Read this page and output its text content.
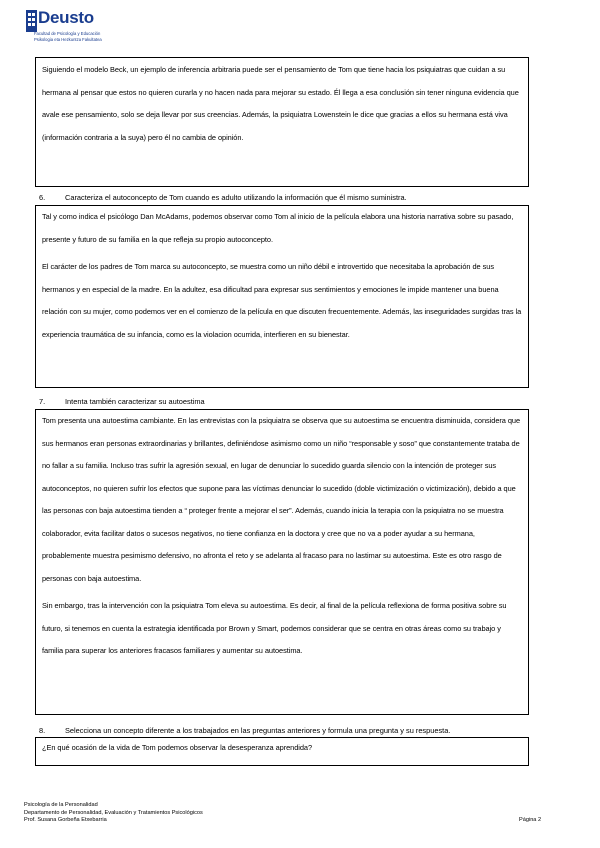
Deusto
Facultad de Psicología y Educación
Psikologia eta Hezkuntza Fakultatea

Siguiendo el modelo Beck, un ejemplo de inferencia arbitraria puede ser el pensamiento de Tom que tiene hacia los psiquiatras que cuidan a su hermana al pensar que estos no quieren curarla y no hacen nada para mejorar su estado. Él llega a esa conclusión sin tener ninguna evidencia que avale ese pensamiento, solo se deja llevar por sus creencias. Además, la psiquiatra Lowenstein le dice que gracias a ellos su hermana está viva (información contraria a la suya) pero él no cambia de opinión.

6.	Caracteriza el autoconcepto de Tom cuando es adulto utilizando la información que él mismo suministra.

Tal y como indica el psicólogo Dan McAdams, podemos observar como Tom al inicio de la película elabora una historia narrativa sobre su pasado, presente y futuro de su familia en la que refleja su propio autoconcepto.

El carácter de los padres de Tom marca su autoconcepto, se muestra como un niño débil e introvertido que necesitaba la aprobación de sus hermanos y en especial de la madre. En la adultez, esa dificultad para expresar sus sentimientos y emociones le impide mantener una buena relación con su mujer, como podemos ver en el comienzo de la película en que discuten frecuentemente. Además, las inseguridades surgidas tras la experiencia traumática de su infancia, como es la violacion ocurrida, interfieren en su bienestar.

7.	Intenta también caracterizar su autoestima

Tom presenta una autoestima cambiante. En las entrevistas con la psiquiatra se observa que su autoestima se encuentra disminuida, considera que sus hermanos eran personas extraordinarias y brillantes, definiéndose asimismo como un niño “responsable y soso” que constantemente trataba de no fallar a su familia. Incluso tras sufrir la agresión sexual, en lugar de denunciar lo sucedido guarda silencio con la intención de proteger sus autoconceptos, no quieren sufrir los efectos que supone para las víctimas denunciar lo sucedido (doble victimización o victimización), debido a que las personas con baja autoestima tienden a “ proteger frente a mejorar el ser”. Además, cuando inicia la terapia con la psiquiatra no se muestra colaborador, evita facilitar datos o sucesos negativos, no tiene confianza en la doctora y cree que no va a poder ayudar a su hermana, probablemente muestra pesimismo defensivo, no afronta el reto y se adelanta al fracaso para no lastimar su autoestima. Este es otro rasgo de personas con baja autoestima.

Sin embargo, tras la intervención con la psiquiatra Tom eleva su autoestima. Es decir, al final de la película reflexiona de forma positiva sobre su futuro, si tenemos en cuenta la estrategia identificada por Brown y Smart, podemos considerar que se centra en otras áreas como su trabajo y familia para superar los anteriores fracasos familiares y aumentar su autoestima.

8.	Selecciona un concepto diferente a los trabajados en las preguntas anteriores y formula una pregunta y su respuesta.

¿En qué ocasión de la vida de Tom podemos observar la desesperanza aprendida?

Psicología de la Personalidad
Departamento de Personalidad, Evaluación y Tratamientos Psicológicos
Prof. Susana Gorbeña Etxebarria	Página 2
